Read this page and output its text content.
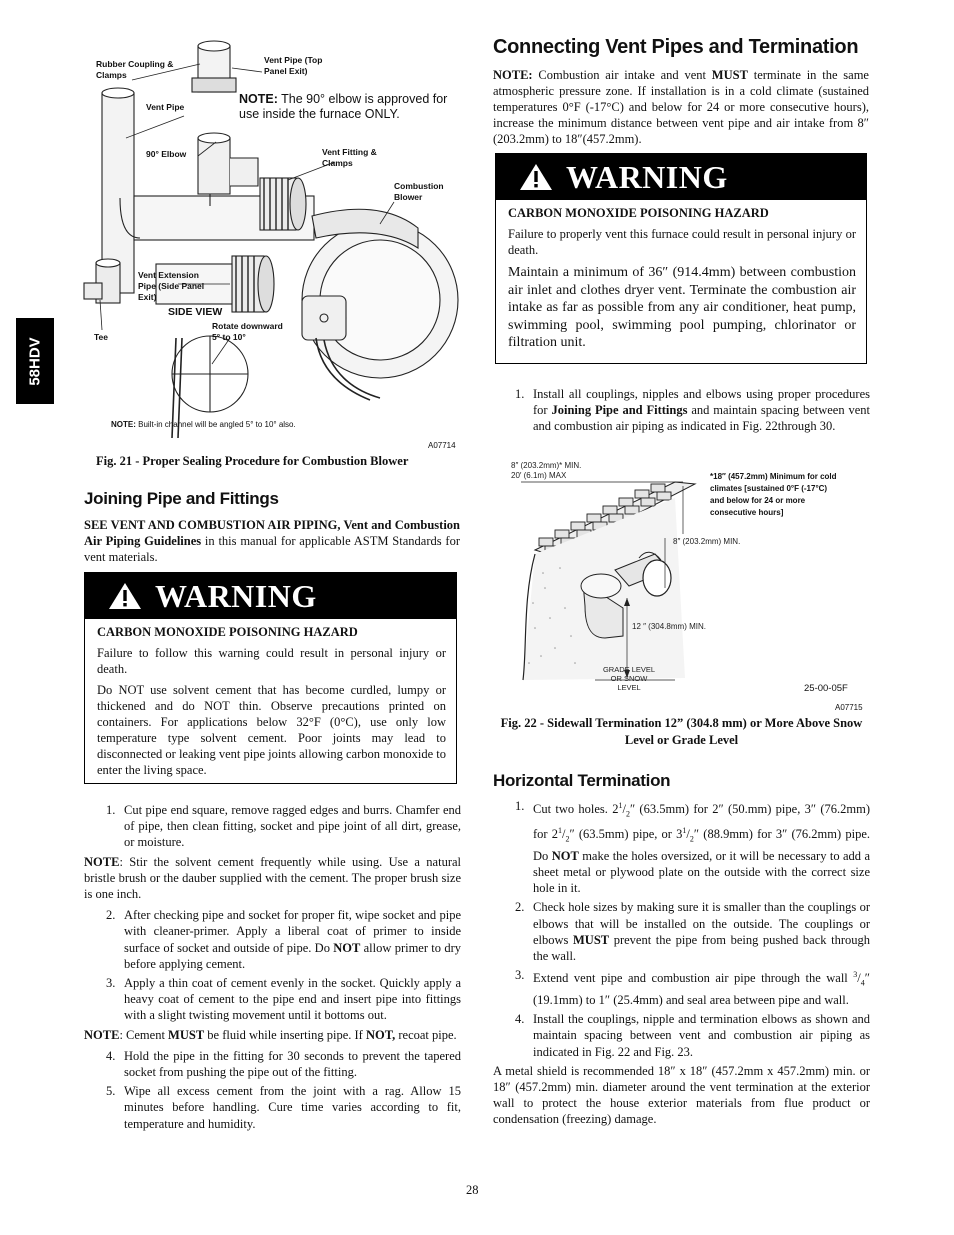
58HDV
Rubber Coupling & Clamps
Vent Pipe (Top Panel Exit)
Vent Pipe
NOTE: The 90° elbow is approved for use inside the furnace ONLY.
90° Elbow	Vent Fitting & Clamps
Combustion Blower
Vent Extension Pipe (Side Panel Exit)
SIDE VIEW
Rotate downward 5° to 10°
Tee
NOTE: Built-in channel will be angled 5° to 10° also.
A07714
Fig. 21 - Proper Sealing Procedure for Combustion Blower
Joining Pipe and Fittings
SEE VENT AND COMBUSTION AIR PIPING, Vent and Combustion Air Piping Guidelines in this manual for applicable ASTM Standards for vent materials.
WARNING
CARBON MONOXIDE POISONING HAZARD
Failure to follow this warning could result in personal injury or death.
Do NOT use solvent cement that has become curdled, lumpy or thickened and do NOT thin. Observe precautions printed on containers. For applications below 32°F (0°C), use only low temperature type solvent cement. Poor joints may lead to disconnected or leaking vent pipe joints allowing carbon monoxide to enter the living space.
1. Cut pipe end square, remove ragged edges and burrs. Chamfer end of pipe, then clean fitting, socket and pipe joint of all dirt, grease, or moisture.
NOTE: Stir the solvent cement frequently while using. Use a natural bristle brush or the dauber supplied with the cement. The proper brush size is one inch.
2. After checking pipe and socket for proper fit, wipe socket and pipe with cleaner-primer. Apply a liberal coat of primer to inside surface of socket and outside of pipe. Do NOT allow primer to dry before applying cement.
3. Apply a thin coat of cement evenly in the socket. Quickly apply a heavy coat of cement to the pipe end and insert pipe into fittings with a slight twisting movement until it bottoms out.
NOTE: Cement MUST be fluid while inserting pipe. If NOT, recoat pipe.
4. Hold the pipe in the fitting for 30 seconds to prevent the tapered socket from pushing the pipe out of the fitting.
5. Wipe all excess cement from the joint with a rag. Allow 15 minutes before handling. Cure time varies according to fit, temperature and humidity.
Connecting Vent Pipes and Termination
NOTE: Combustion air intake and vent MUST terminate in the same atmospheric pressure zone. If installation is in a cold climate (sustained temperatures 0°F (-17°C) and below for 24 or more consecutive hours), increase the minimum distance between vent pipe and air intake from 8″ (203.2mm) to 18″(457.2mm).
WARNING
CARBON MONOXIDE POISONING HAZARD
Failure to properly vent this furnace could result in personal injury or death.
Maintain a minimum of 36″ (914.4mm) between combustion air inlet and clothes dryer vent. Terminate the combustion air intake as far as possible from any air conditioner, heat pump, swimming pool, swimming pool pumping, chlorinator or filtration unit.
1. Install all couplings, nipples and elbows using proper procedures for Joining Pipe and Fittings and maintain spacing between vent and combustion air piping as indicated in Fig. 22through 30.
8″ (203.2mm)* MIN.
20′ (6.1m) MAX	*18″ (457.2mm) Minimum for cold climates [sustained 0°F (-17°C) and below for 24 or more consecutive hours]
8″ (203.2mm) MIN.
12 ″ (304.8mm) MIN.
GRADE LEVEL OR SNOW LEVEL	25-00-05F
A07715
Fig. 22 - Sidewall Termination 12” (304.8 mm) or More Above Snow Level or Grade Level
Horizontal Termination
1. Cut two holes. $2^1/_2''$ (63.5mm) for 2″ (50.mm) pipe, 3″ (76.2mm) for $2^1/_2''$ (63.5mm) pipe, or $3^1/_2''$ (88.9mm) for 3″ (76.2mm) pipe. Do NOT make the holes oversized, or it will be necessary to add a sheet metal or plywood plate on the outside with the correct size hole in it.
2. Check hole sizes by making sure it is smaller than the couplings or elbows that will be installed on the outside. The couplings or elbows MUST prevent the pipe from being pushed back through the wall.
3. Extend vent pipe and combustion air pipe through the wall $^3/_4''$ (19.1mm) to 1″ (25.4mm) and seal area between pipe and wall.
4. Install the couplings, nipple and termination elbows as shown and maintain spacing between vent and combustion air piping as indicated in Fig. 22 and Fig. 23.
A metal shield is recommended 18″ x 18″ (457.2mm x 457.2mm) min. or 18″ (457.2mm) min. diameter around the vent termination at the exterior wall to protect the house exterior materials from flue product or condensation (freezing) damage.
28
